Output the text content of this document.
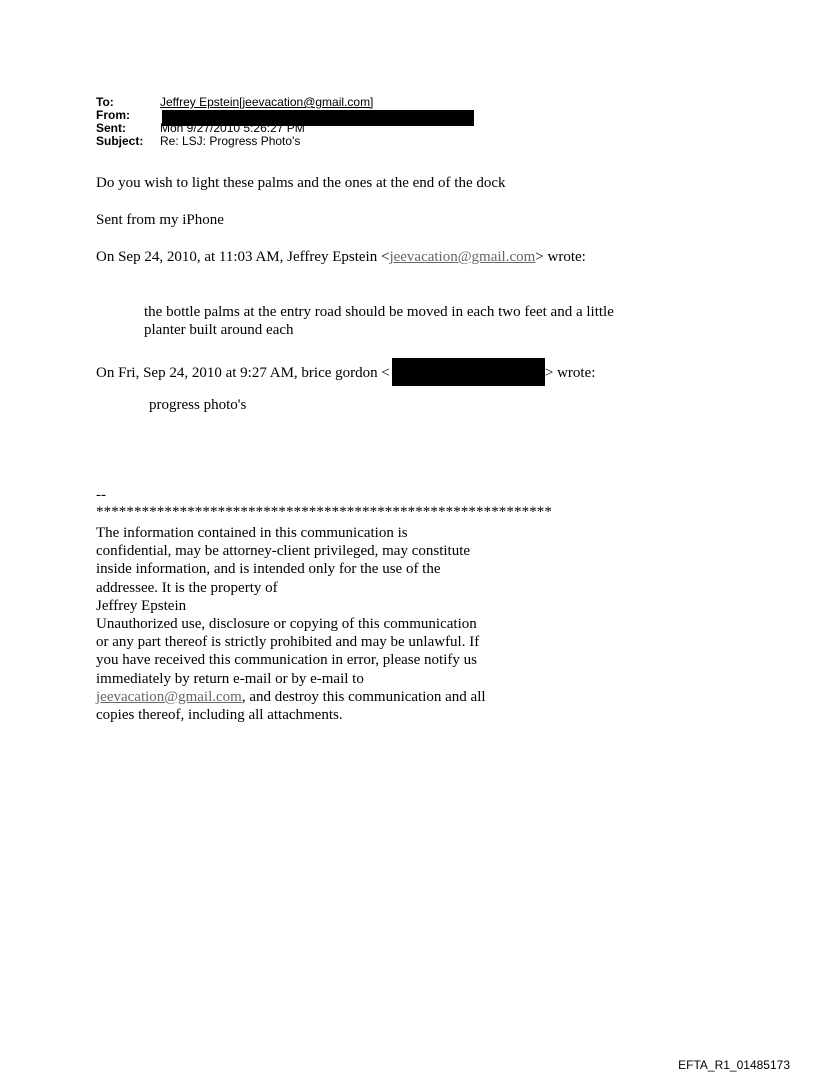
To:	Jeffrey Epstein[jeevacation@gmail.com]
From:
Sent:	Mon 9/27/2010 5:26:27 PM
Subject: Re: LSJ: Progress Photo's
Do you wish to light these palms and the ones at the end of the dock
Sent from my iPhone
On Sep 24, 2010, at 11:03 AM, Jeffrey Epstein <jeevacation@gmail.com> wrote:
the bottle palms at the entry road should be moved in each two feet and a little
planter built around each
On Fri, Sep 24, 2010 at 9:27 AM, brice gordon <	> wrote:
progress photo's
--
************************************************************
The information contained in this communication is confidential, may be attorney-client privileged, may constitute inside information, and is intended only for the use of the addressee. It is the property of
Jeffrey Epstein
Unauthorized use, disclosure or copying of this communication or any part thereof is strictly prohibited and may be unlawful. If you have received this communication in error, please notify us immediately by return e-mail or by e-mail to jeevacation@gmail.com, and destroy this communication and all copies thereof, including all attachments.
EFTA_R1_01485173
